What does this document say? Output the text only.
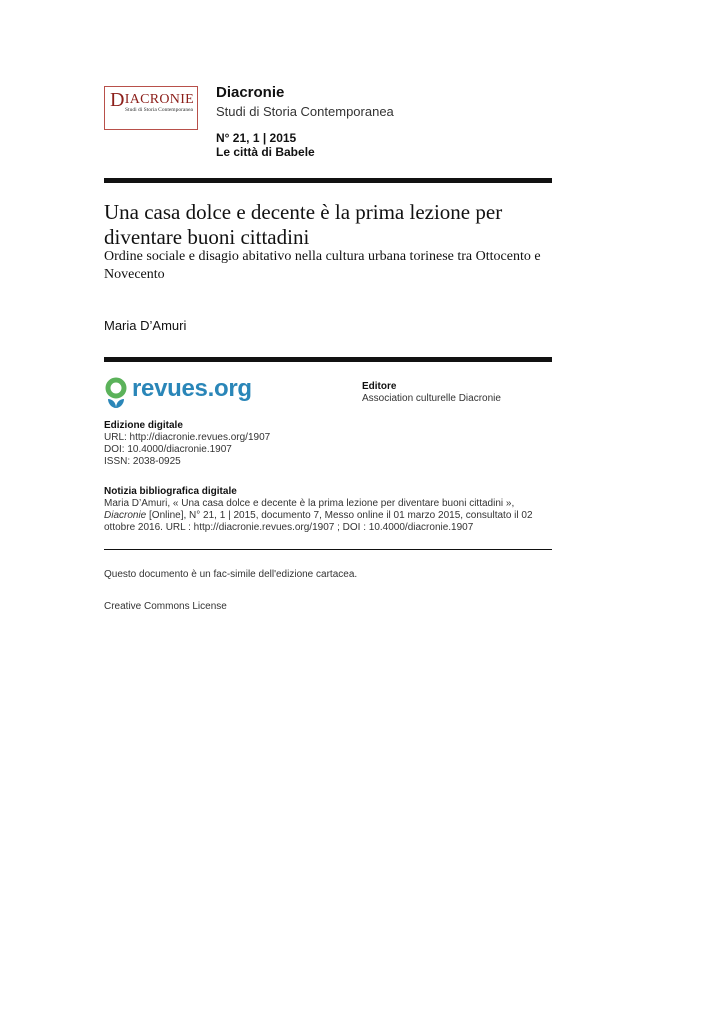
DIACRONIE
Studi di Storia Contemporanea
Diacronie
Studi di Storia Contemporanea
N° 21, 1 | 2015
Le città di Babele
Una casa dolce e decente è la prima lezione per diventare buoni cittadini
Ordine sociale e disagio abitativo nella cultura urbana torinese tra Ottocento e Novecento
Maria D’Amuri
revues.org	Editore
Association culturelle Diacronie
Edizione digitale
URL: http://diacronie.revues.org/1907
DOI: 10.4000/diacronie.1907
ISSN: 2038-0925
Notizia bibliografica digitale
Maria D’Amuri, « Una casa dolce e decente è la prima lezione per diventare buoni cittadini », Diacronie [Online], N° 21, 1 | 2015, documento 7, Messo online il 01 marzo 2015, consultato il 02 ottobre 2016. URL : http://diacronie.revues.org/1907 ; DOI : 10.4000/diacronie.1907
Questo documento è un fac-simile dell'edizione cartacea.
Creative Commons License
